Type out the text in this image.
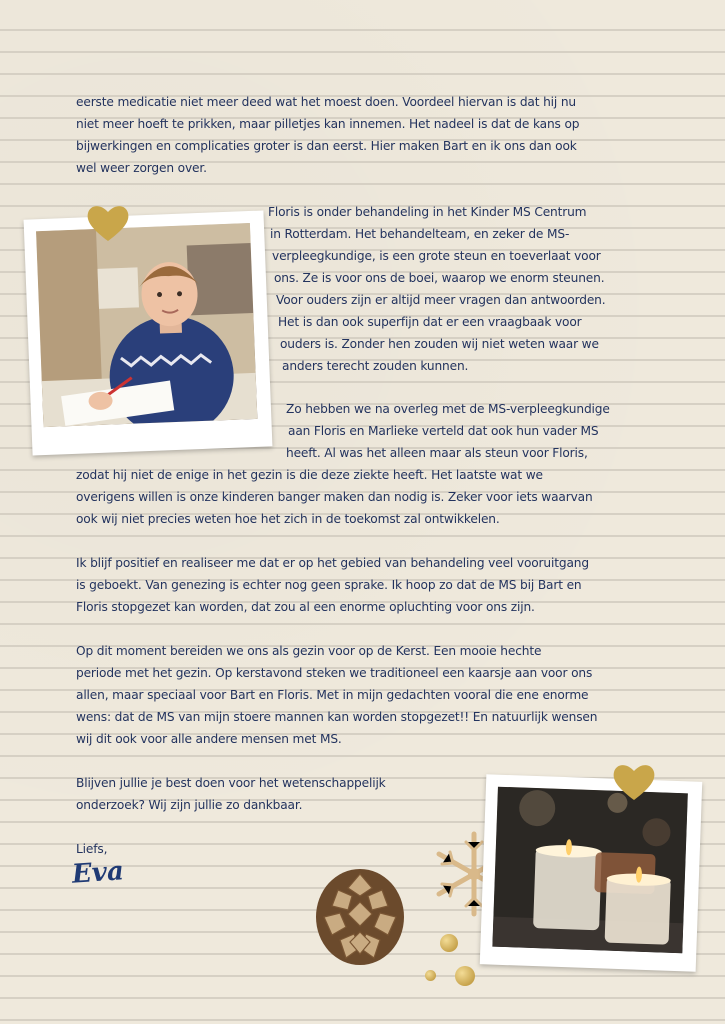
eerste medicatie niet meer deed wat het moest doen. Voordeel hiervan is dat hij nu
niet meer hoeft te prikken, maar pilletjes kan innemen. Het nadeel is dat de kans op
bijwerkingen en complicaties groter is dan eerst. Hier maken Bart en ik ons dan ook
wel weer zorgen over.
Floris is onder behandeling in het Kinder MS Centrum
in Rotterdam. Het behandelteam, en zeker de MS-
verpleegkundige, is een grote steun en toeverlaat voor
ons. Ze is voor ons de boei, waarop we enorm steunen.
Voor ouders zijn er altijd meer vragen dan antwoorden.
Het is dan ook superfijn dat er een vraagbaak voor
ouders is. Zonder hen zouden wij niet weten waar we
anders terecht zouden kunnen.
Zo hebben we na overleg met de MS-verpleegkundige
aan Floris en Marlieke verteld dat ook hun vader MS
heeft. Al was het alleen maar als steun voor Floris,
zodat hij niet de enige in het gezin is die deze ziekte heeft. Het laatste wat we
overigens willen is onze kinderen banger maken dan nodig is. Zeker voor iets waarvan
ook wij niet precies weten hoe het zich in de toekomst zal ontwikkelen.
Ik blijf positief en realiseer me dat er op het gebied van behandeling veel vooruitgang
is geboekt. Van genezing is echter nog geen sprake. Ik hoop zo dat de MS bij Bart en
Floris stopgezet kan worden, dat zou al een enorme opluchting voor ons zijn.
Op dit moment bereiden we ons als gezin voor op de Kerst. Een mooie hechte
periode met het gezin. Op kerstavond steken we traditioneel een kaarsje aan voor ons
allen, maar speciaal voor Bart en Floris. Met in mijn gedachten vooral die ene enorme
wens: dat de MS van mijn stoere mannen kan worden stopgezet!! En natuurlijk wensen
wij dit ook voor alle andere mensen met MS.
Blijven jullie je best doen voor het wetenschappelijk
onderzoek? Wij zijn jullie zo dankbaar.
Liefs,
Eva
